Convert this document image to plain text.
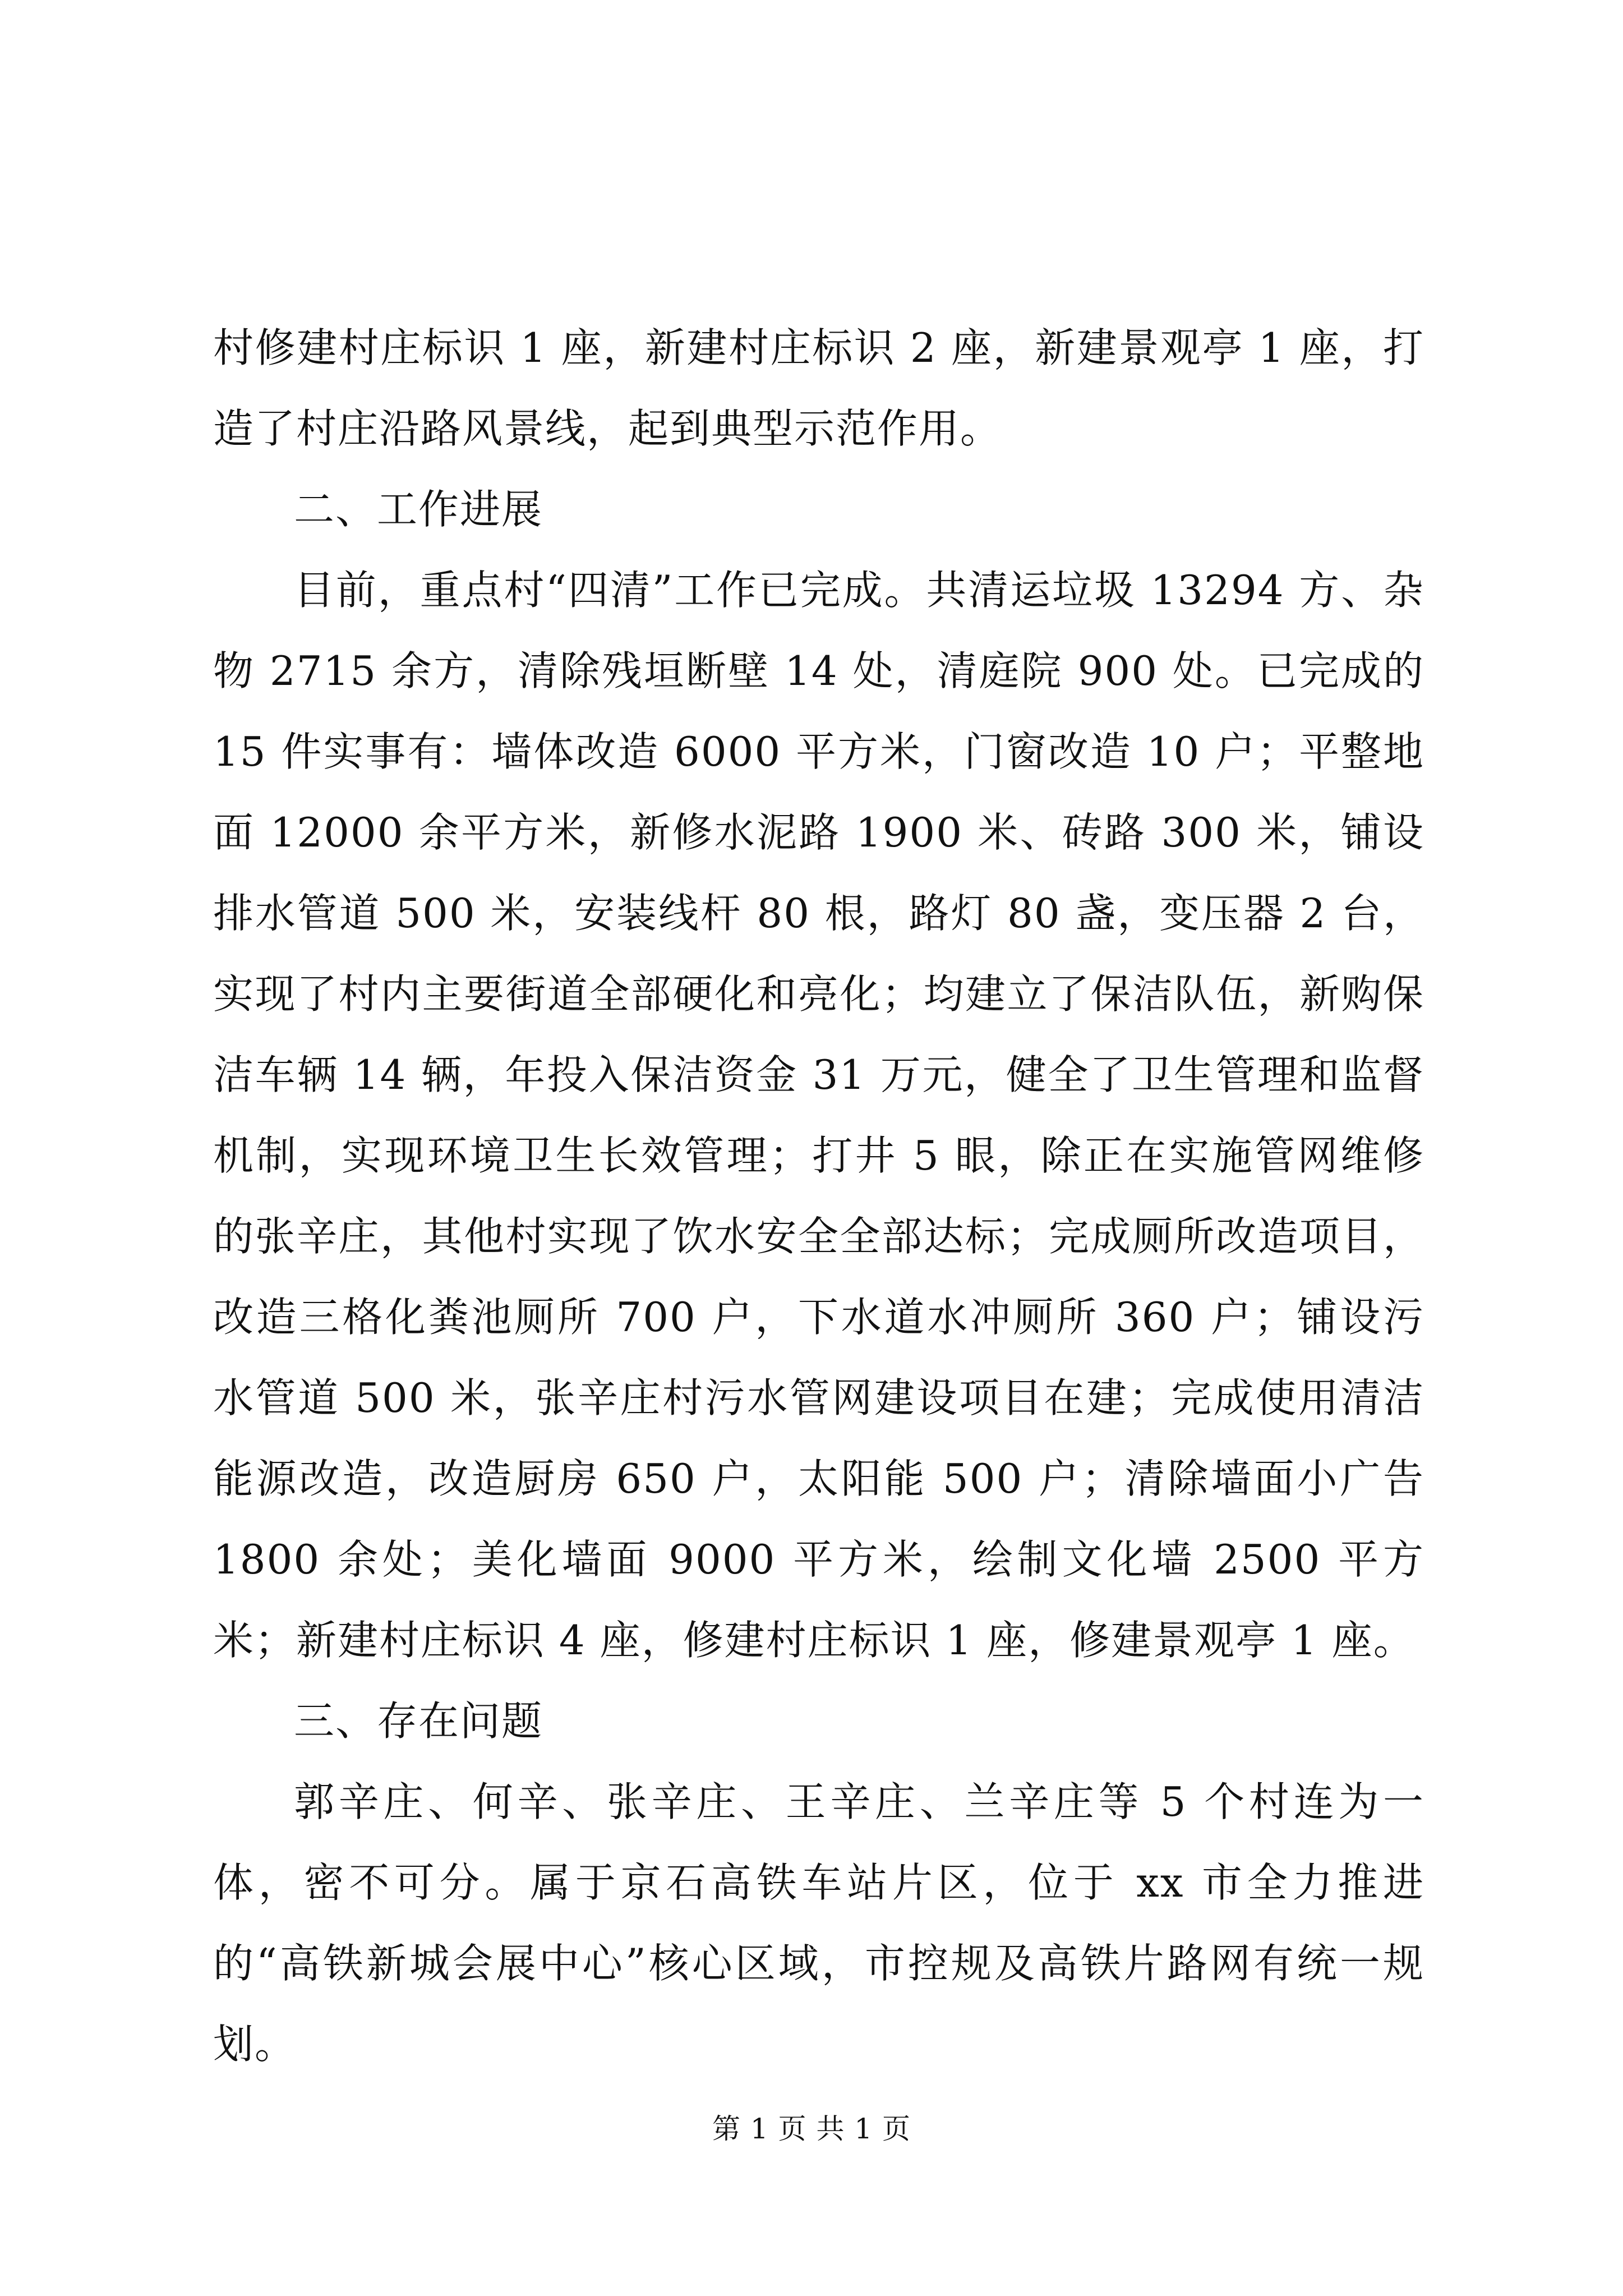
村修建村庄标识 1 座，新建村庄标识 2 座，新建景观亭 1 座，打造了村庄沿路风景线，起到典型示范作用。

二、工作进展

目前，重点村“四清”工作已完成。共清运垃圾 13294 方、杂物 2715 余方，清除残垣断壁 14 处，清庭院 900 处。已完成的 15 件实事有：墙体改造 6000 平方米，门窗改造 10 户；平整地面 12000 余平方米，新修水泥路 1900 米、砖路 300 米，铺设排水管道 500 米，安装线杆 80 根，路灯 80 盏，变压器 2 台，实现了村内主要街道全部硬化和亮化；均建立了保洁队伍，新购保洁车辆 14 辆，年投入保洁资金 31 万元，健全了卫生管理和监督机制，实现环境卫生长效管理；打井 5 眼，除正在实施管网维修的张辛庄，其他村实现了饮水安全全部达标；完成厕所改造项目，改造三格化粪池厕所 700 户，下水道水冲厕所 360 户；铺设污水管道 500 米，张辛庄村污水管网建设项目在建；完成使用清洁能源改造，改造厨房 650 户，太阳能 500 户；清除墙面小广告 1800 余处；美化墙面 9000 平方米，绘制文化墙 2500 平方米；新建村庄标识 4 座，修建村庄标识 1 座，修建景观亭 1 座。

三、存在问题

郭辛庄、何辛、张辛庄、王辛庄、兰辛庄等 5 个村连为一体，密不可分。属于京石高铁车站片区，位于 xx 市全力推进的“高铁新城会展中心”核心区域，市控规及高铁片路网有统一规划。

第 1 页 共 1 页
